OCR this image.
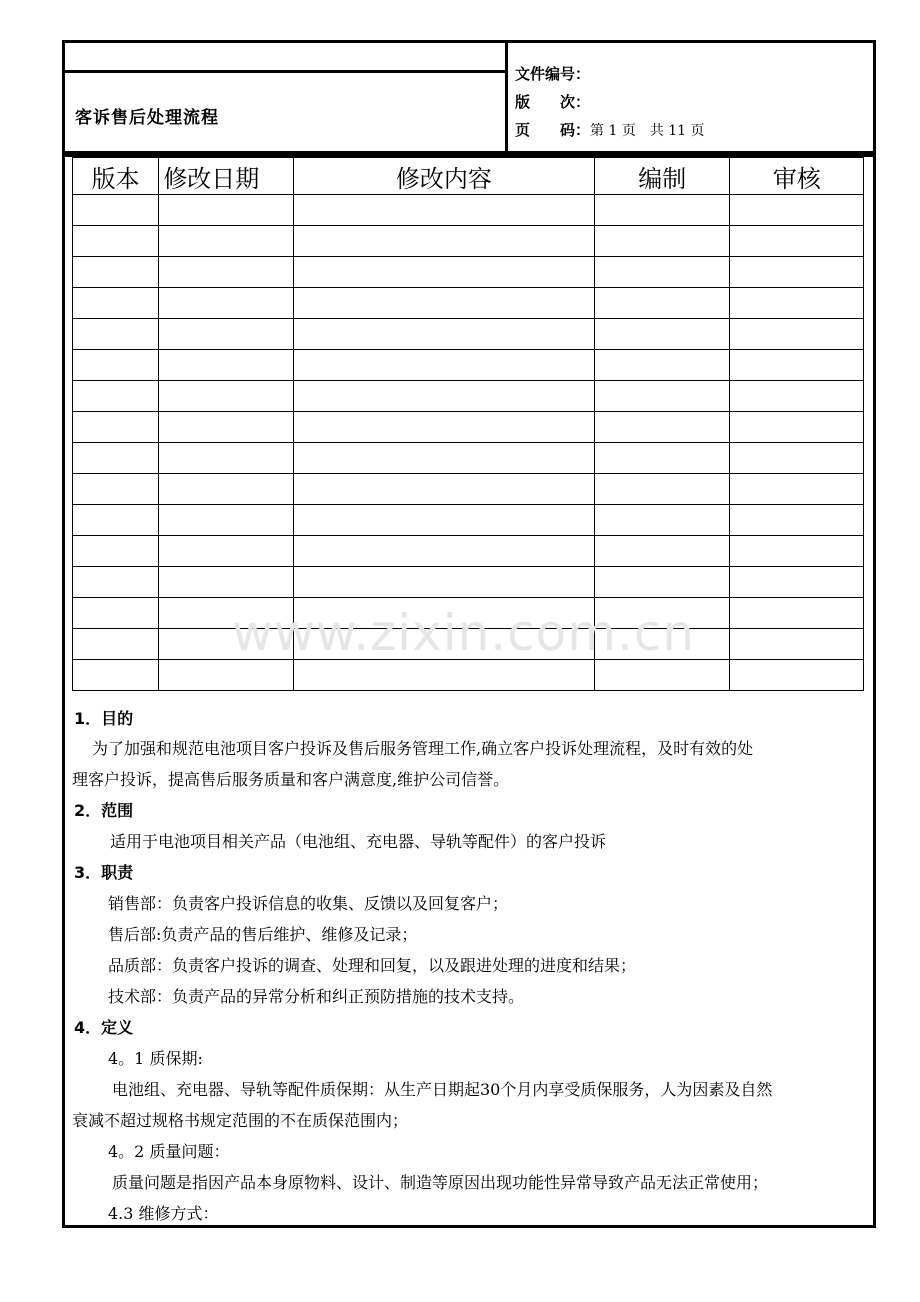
客诉售后处理流程
文件编号：
版　　次：
页　　码：第 1 页　共 11 页
版本	修改日期	修改内容	编制	审核

www.zixin.com.cn
1．目的
为了加强和规范电池项目客户投诉及售后服务管理工作,确立客户投诉处理流程，及时有效的处
理客户投诉，提高售后服务质量和客户满意度,维护公司信誉。
2．范围
适用于电池项目相关产品（电池组、充电器、导轨等配件）的客户投诉
3．职责
销售部：负责客户投诉信息的收集、反馈以及回复客户；
售后部:负责产品的售后维护、维修及记录；
品质部：负责客户投诉的调查、处理和回复，以及跟进处理的进度和结果；
技术部：负责产品的异常分析和纠正预防措施的技术支持。
4．定义
4。1 质保期:
电池组、充电器、导轨等配件质保期：从生产日期起30个月内享受质保服务，人为因素及自然
衰减不超过规格书规定范围的不在质保范围内；
4。2 质量问题：
质量问题是指因产品本身原物料、设计、制造等原因出现功能性异常导致产品无法正常使用；
4.3 维修方式：
